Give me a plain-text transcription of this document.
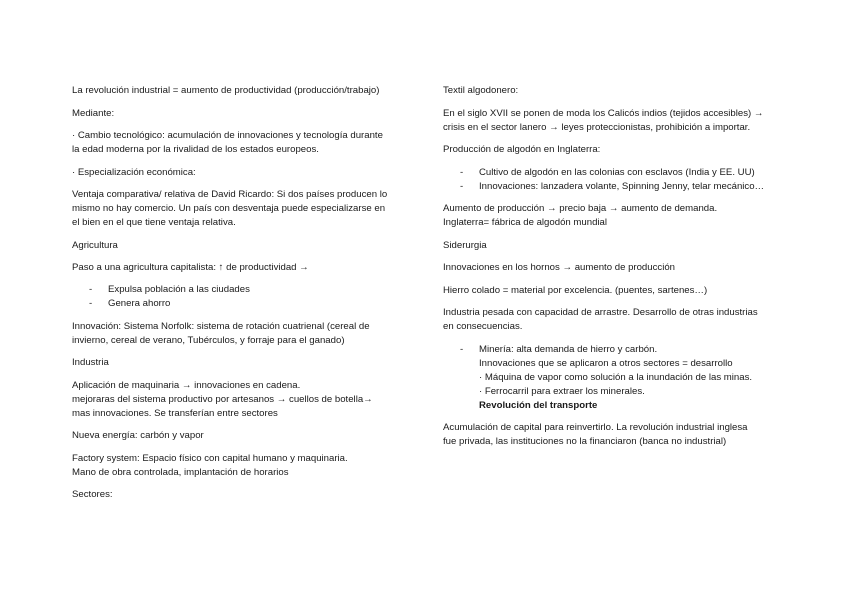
La revolución industrial = aumento de productividad (producción/trabajo)
Mediante:
· Cambio tecnológico: acumulación de innovaciones y tecnología durante
la edad moderna por la rivalidad de los estados europeos.
· Especialización económica:
Ventaja comparativa/ relativa de David Ricardo: Si dos países producen lo
mismo no hay comercio. Un país con desventaja puede especializarse en
el bien en el que tiene ventaja relativa.
Agricultura
Paso a una agricultura capitalista: ↑ de productividad →
- Expulsa población a las ciudades
- Genera ahorro
Innovación: Sistema Norfolk: sistema de rotación cuatrienal (cereal de
invierno, cereal de verano, Tubérculos, y forraje para el ganado)
Industria
Aplicación de maquinaria → innovaciones en cadena.
mejoraras del sistema productivo por artesanos → cuellos de botella→
mas innovaciones. Se transferían entre sectores
Nueva energía: carbón y vapor
Factory system: Espacio físico con capital humano y maquinaria.
Mano de obra controlada, implantación de horarios
Sectores:
Textil algodonero:
En el siglo XVII se ponen de moda los Calicós indios (tejidos accesibles) →
crisis en el sector lanero → leyes proteccionistas, prohibición a importar.
Producción de algodón en Inglaterra:
- Cultivo de algodón en las colonias con esclavos (India y EE. UU)
- Innovaciones: lanzadera volante, Spinning Jenny, telar mecánico…
Aumento de producción → precio baja → aumento de demanda.
Inglaterra= fábrica de algodón mundial
Siderurgia
Innovaciones en los hornos → aumento de producción
Hierro colado = material por excelencia. (puentes, sartenes…)
Industria pesada con capacidad de arrastre. Desarrollo de otras industrias
en consecuencias.
- Minería: alta demanda de hierro y carbón.
Innovaciones que se aplicaron a otros sectores = desarrollo
· Máquina de vapor como solución a la inundación de las minas.
· Ferrocarril para extraer los minerales.
Revolución del transporte
Acumulación de capital para reinvertirlo. La revolución industrial inglesa
fue privada, las instituciones no la financiaron (banca no industrial)
